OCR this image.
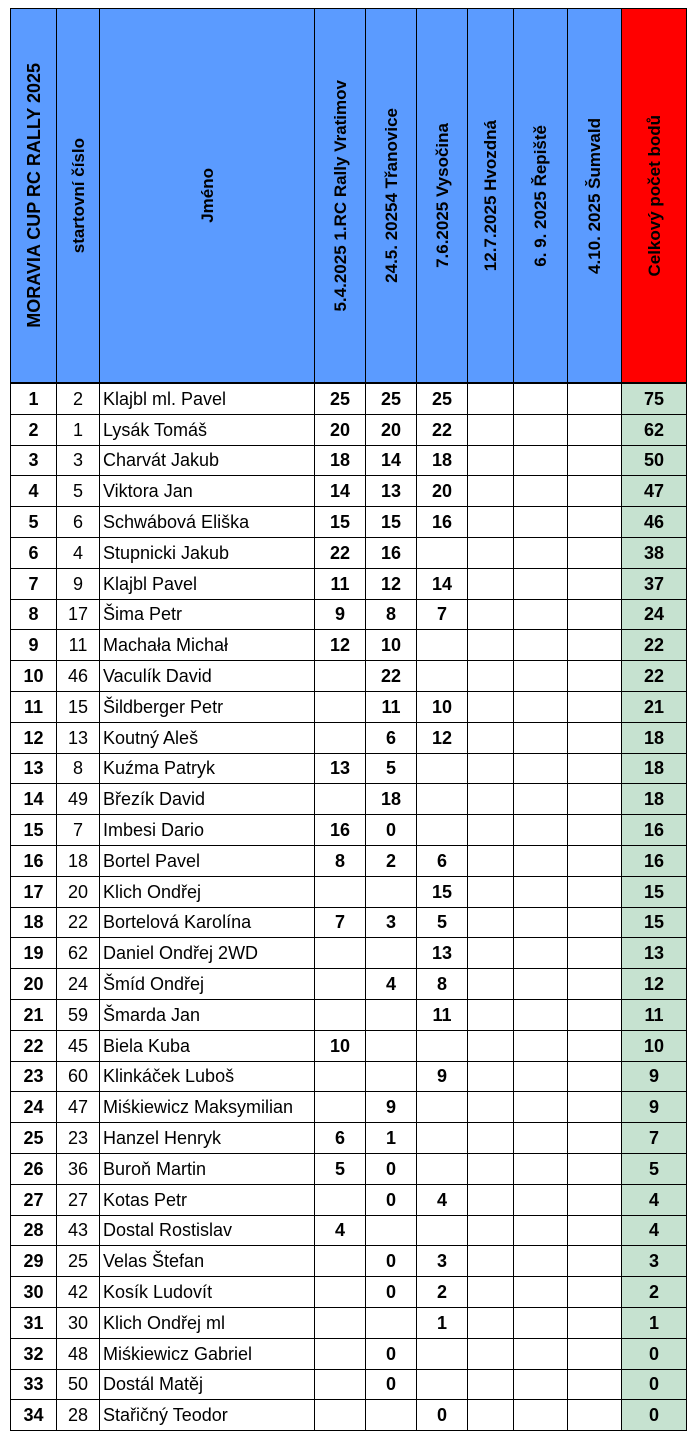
MORAVIA CUP RC RALLY 2025	startovní číslo	Jméno	5.4.2025 1.RC Rally Vratimov	24.5. 20254 Třanovice	7.6.2025 Vysočina	12.7.2025 Hvozdná	6. 9. 2025 Řepiště	4.10. 2025 Šumvald	Celkový počet bodů

1	2	Klajbl ml. Pavel	25	25	25				75
2	1	Lysák Tomáš	20	20	22				62
3	3	Charvát Jakub	18	14	18				50
4	5	Viktora Jan	14	13	20				47
5	6	Schwábová Eliška	15	15	16				46
6	4	Stupnicki Jakub	22	16					38
7	9	Klajbl Pavel	11	12	14				37
8	17	Šima Petr	9	8	7				24
9	11	Machała Michał	12	10					22
10	46	Vaculík David		22					22
11	15	Šildberger Petr		11	10				21
12	13	Koutný Aleš		6	12				18
13	8	Kuźma Patryk	13	5					18
14	49	Březík David		18					18
15	7	Imbesi Dario	16	0					16
16	18	Bortel Pavel	8	2	6				16
17	20	Klich Ondřej			15				15
18	22	Bortelová Karolína	7	3	5				15
19	62	Daniel Ondřej 2WD			13				13
20	24	Šmíd Ondřej		4	8				12
21	59	Šmarda Jan			11				11
22	45	Biela Kuba	10						10
23	60	Klinkáček Luboš			9				9
24	47	Miśkiewicz Maksymilian		9					9
25	23	Hanzel Henryk	6	1					7
26	36	Buroň Martin	5	0					5
27	27	Kotas Petr		0	4				4
28	43	Dostal Rostislav	4						4
29	25	Velas Štefan		0	3				3
30	42	Kosík Ludovít		0	2				2
31	30	Klich Ondřej ml			1				1
32	48	Miśkiewicz Gabriel		0					0
33	50	Dostál Matěj		0					0
34	28	Stařičný Teodor			0				0
